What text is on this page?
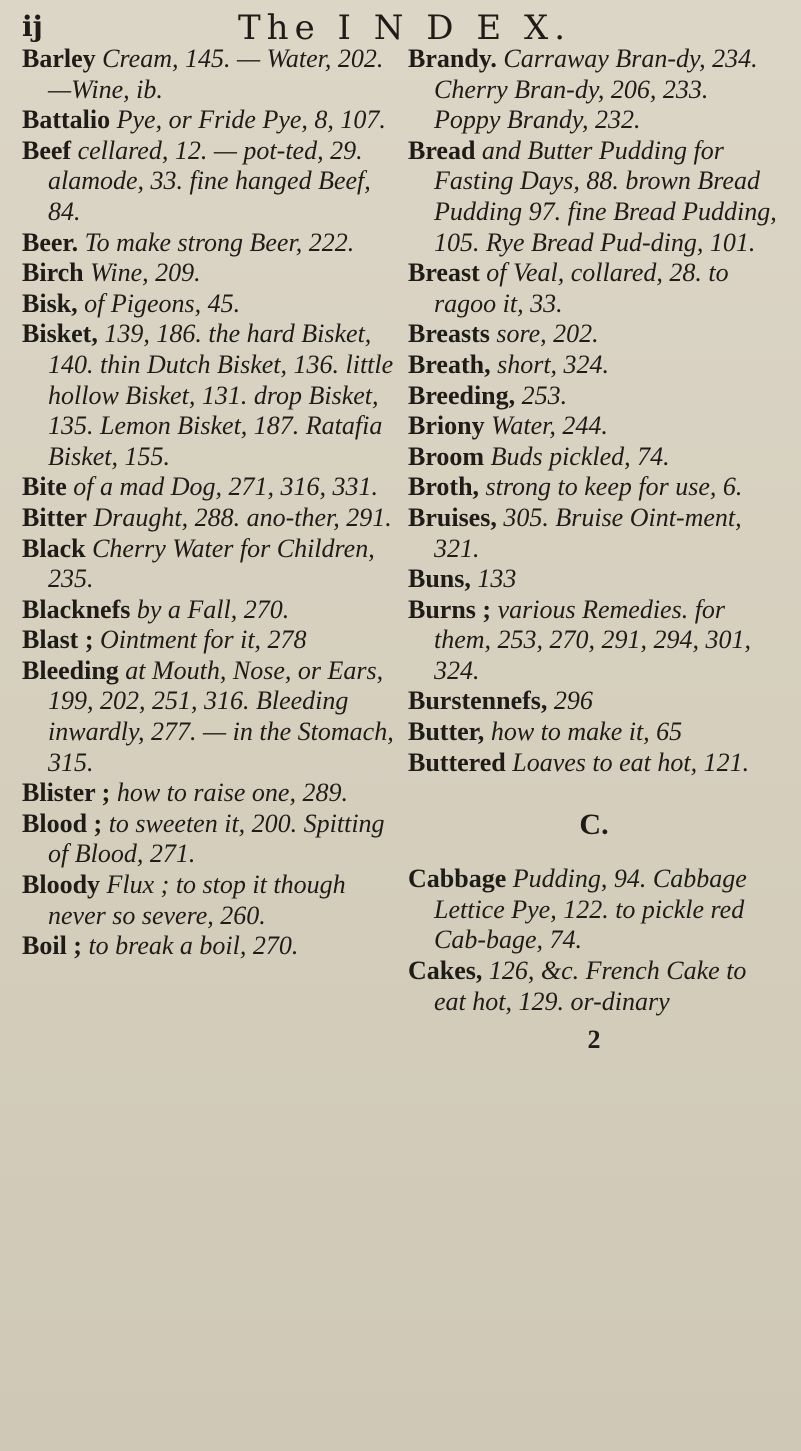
ij	The I N D E X.

Barley Cream, 145. — Water, 202.—Wine, ib.

Battalio Pye, or Fride Pye, 8, 107.

Beef cellared, 12. — pot-ted, 29. alamode, 33. fine hanged Beef, 84.

Beer. To make strong Beer, 222.

Birch Wine, 209.

Bisk, of Pigeons, 45.

Bisket, 139, 186. the hard Bisket, 140. thin Dutch Bisket, 136. little hollow Bisket, 131. drop Bisket, 135. Lemon Bisket, 187. Ratafia Bisket, 155.

Bite of a mad Dog, 271, 316, 331.

Bitter Draught, 288. ano-ther, 291.

Black Cherry Water for Children, 235.

Blacknefs by a Fall, 270.

Blast ; Ointment for it, 278

Bleeding at Mouth, Nose, or Ears, 199, 202, 251, 316. Bleeding inwardly, 277. — in the Stomach, 315.

Blister ; how to raise one, 289.

Blood ; to sweeten it, 200. Spitting of Blood, 271.

Bloody Flux ; to stop it though never so severe, 260.

Boil ; to break a boil, 270.

Brandy. Carraway Bran-dy, 234. Cherry Bran-dy, 206, 233. Poppy Brandy, 232.

Bread and Butter Pudding for Fasting Days, 88. brown Bread Pudding 97. fine Bread Pudding, 105. Rye Bread Pud-ding, 101.

Breast of Veal, collared, 28. to ragoo it, 33.

Breasts sore, 202.

Breath, short, 324.

Breeding, 253.

Briony Water, 244.

Broom Buds pickled, 74.

Broth, strong to keep for use, 6.

Bruises, 305. Bruise Oint-ment, 321.

Buns, 133

Burns ; various Remedies. for them, 253, 270, 291, 294, 301, 324.

Burstennefs, 296

Butter, how to make it, 65

Buttered Loaves to eat hot, 121.

C.

Cabbage Pudding, 94. Cabbage Lettice Pye, 122. to pickle red Cab-bage, 74.

Cakes, 126, &c. French Cake to eat hot, 129. or-dinary

2
